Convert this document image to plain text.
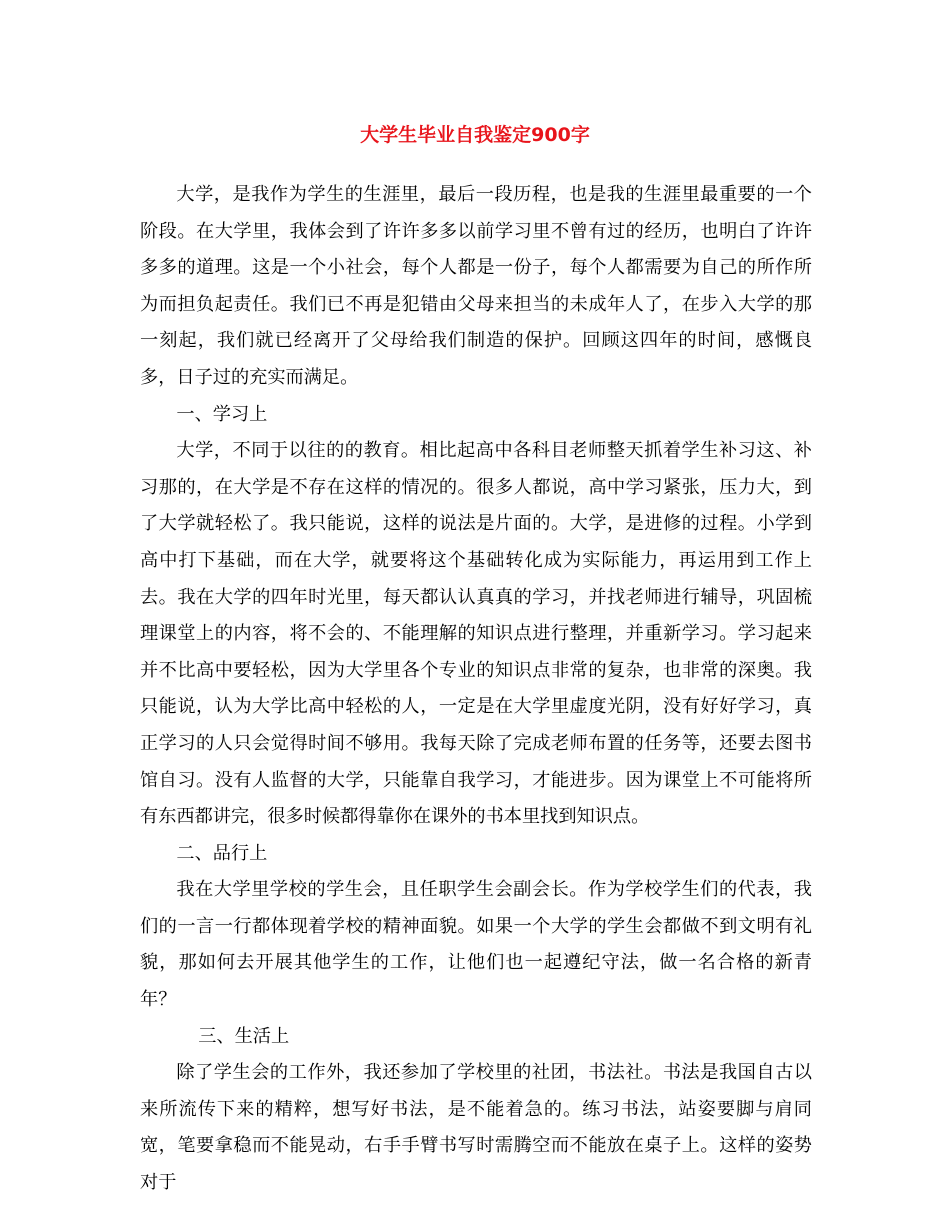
大学生毕业自我鉴定900字

大学，是我作为学生的生涯里，最后一段历程，也是我的生涯里最重要的一个阶段。在大学里，我体会到了许许多多以前学习里不曾有过的经历，也明白了许许多多的道理。这是一个小社会，每个人都是一份子，每个人都需要为自己的所作所为而担负起责任。我们已不再是犯错由父母来担当的未成年人了，在步入大学的那一刻起，我们就已经离开了父母给我们制造的保护。回顾这四年的时间，感慨良多，日子过的充实而满足。

一、学习上

大学，不同于以往的的教育。相比起高中各科目老师整天抓着学生补习这、补习那的，在大学是不存在这样的情况的。很多人都说，高中学习紧张，压力大，到了大学就轻松了。我只能说，这样的说法是片面的。大学，是进修的过程。小学到高中打下基础，而在大学，就要将这个基础转化成为实际能力，再运用到工作上去。我在大学的四年时光里，每天都认认真真的学习，并找老师进行辅导，巩固梳理课堂上的内容，将不会的、不能理解的知识点进行整理，并重新学习。学习起来并不比高中要轻松，因为大学里各个专业的知识点非常的复杂，也非常的深奥。我只能说，认为大学比高中轻松的人，一定是在大学里虚度光阴，没有好好学习，真正学习的人只会觉得时间不够用。我每天除了完成老师布置的任务等，还要去图书馆自习。没有人监督的大学，只能靠自我学习，才能进步。因为课堂上不可能将所有东西都讲完，很多时候都得靠你在课外的书本里找到知识点。

二、品行上

我在大学里学校的学生会，且任职学生会副会长。作为学校学生们的代表，我们的一言一行都体现着学校的精神面貌。如果一个大学的学生会都做不到文明有礼貌，那如何去开展其他学生的工作，让他们也一起遵纪守法，做一名合格的新青年？

三、生活上

除了学生会的工作外，我还参加了学校里的社团，书法社。书法是我国自古以来所流传下来的精粹，想写好书法，是不能着急的。练习书法，站姿要脚与肩同宽，笔要拿稳而不能晃动，右手手臂书写时需腾空而不能放在桌子上。这样的姿势对于
